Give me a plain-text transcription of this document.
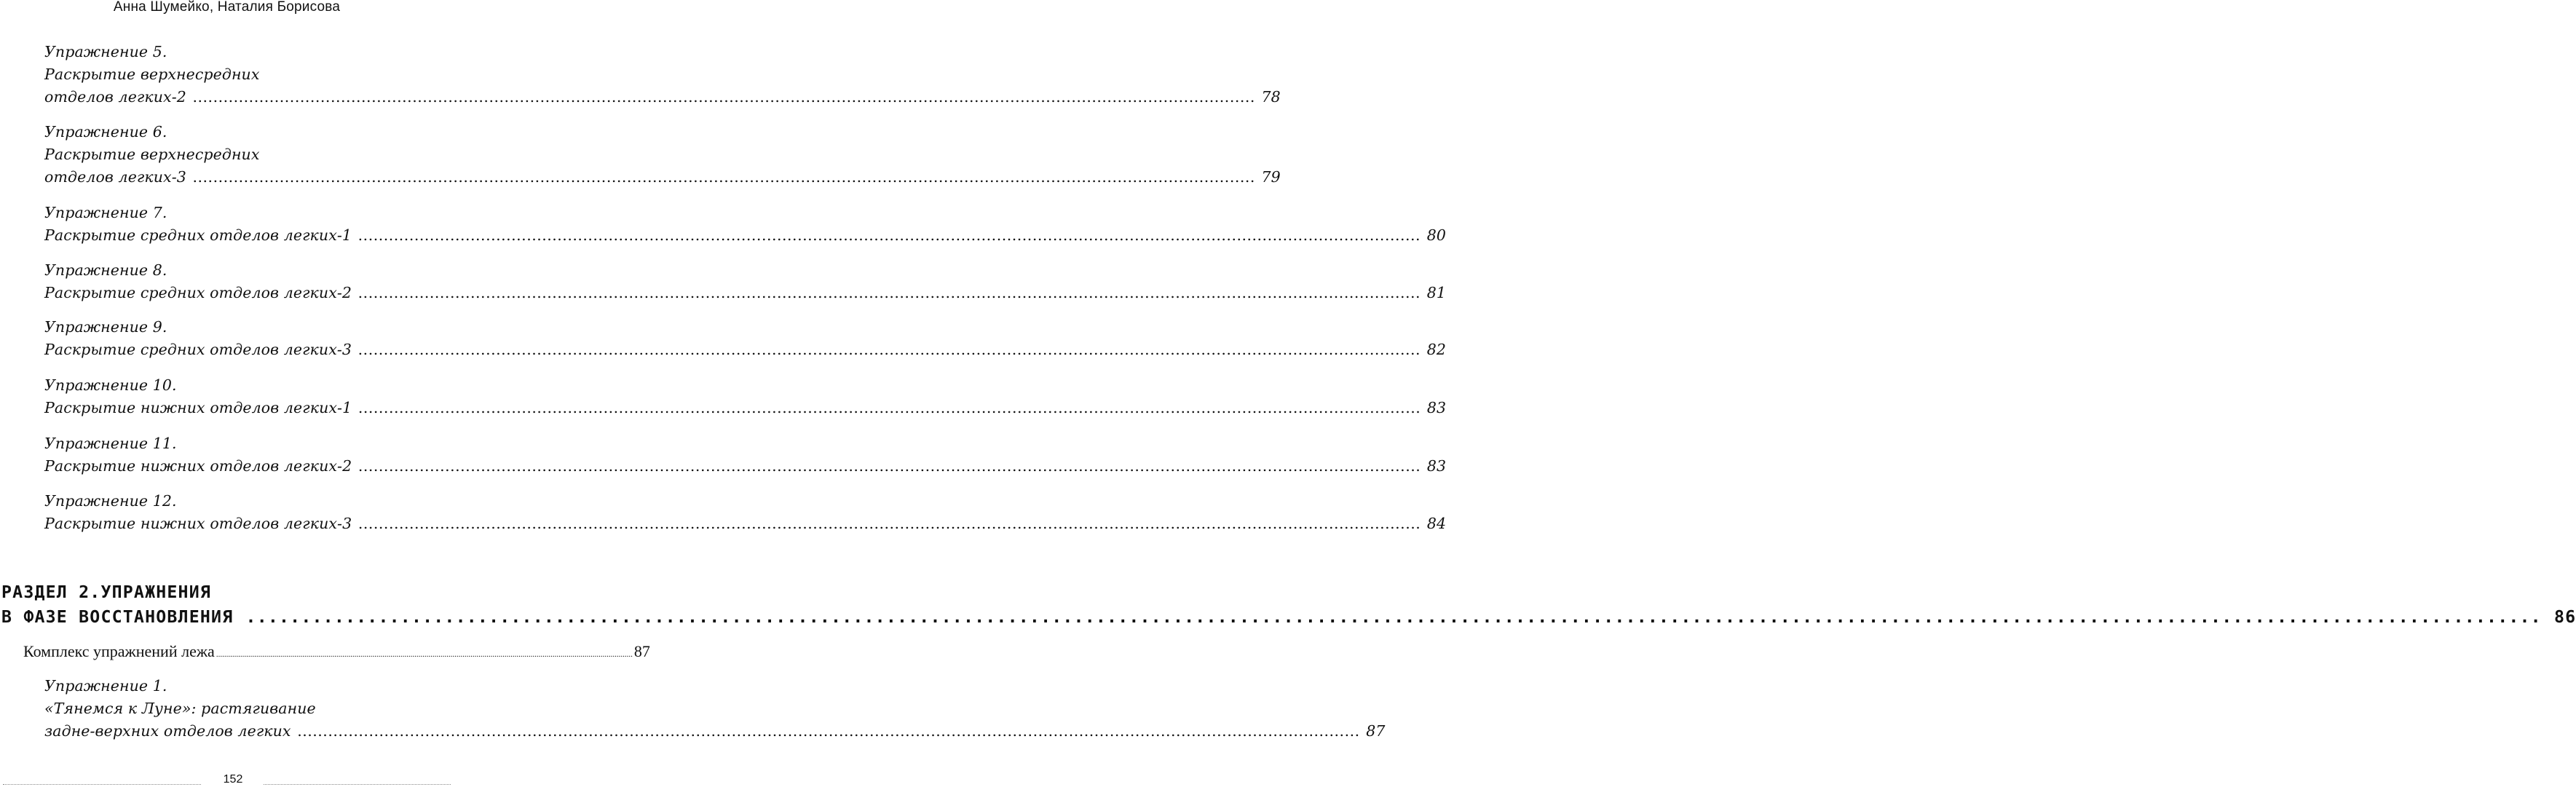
Анна Шумейко, Наталия Борисова
Упражнение 5.
Раскрытие верхнесредних
отделов легких-2 .....	78
Упражнение 6.
Раскрытие верхнесредних
отделов легких-3 .....	79
Упражнение 7.
Раскрытие средних отделов легких-1 .....	80
Упражнение 8.
Раскрытие средних отделов легких-2 .....	81
Упражнение 9.
Раскрытие средних отделов легких-3 .....	82
Упражнение 10.
Раскрытие нижних отделов легких-1 .....	83
Упражнение 11.
Раскрытие нижних отделов легких-2 .....	83
Упражнение 12.
Раскрытие нижних отделов легких-3 .....	84
РАЗДЕЛ 2.УПРАЖНЕНИЯ
В ФАЗЕ ВОССТАНОВЛЕНИЯ .....	86
Комплекс упражнений лежа .....	87
Упражнение 1.
«Тянемся к Луне»: растягивание
задне-верхних отделов легких .....	87
152
